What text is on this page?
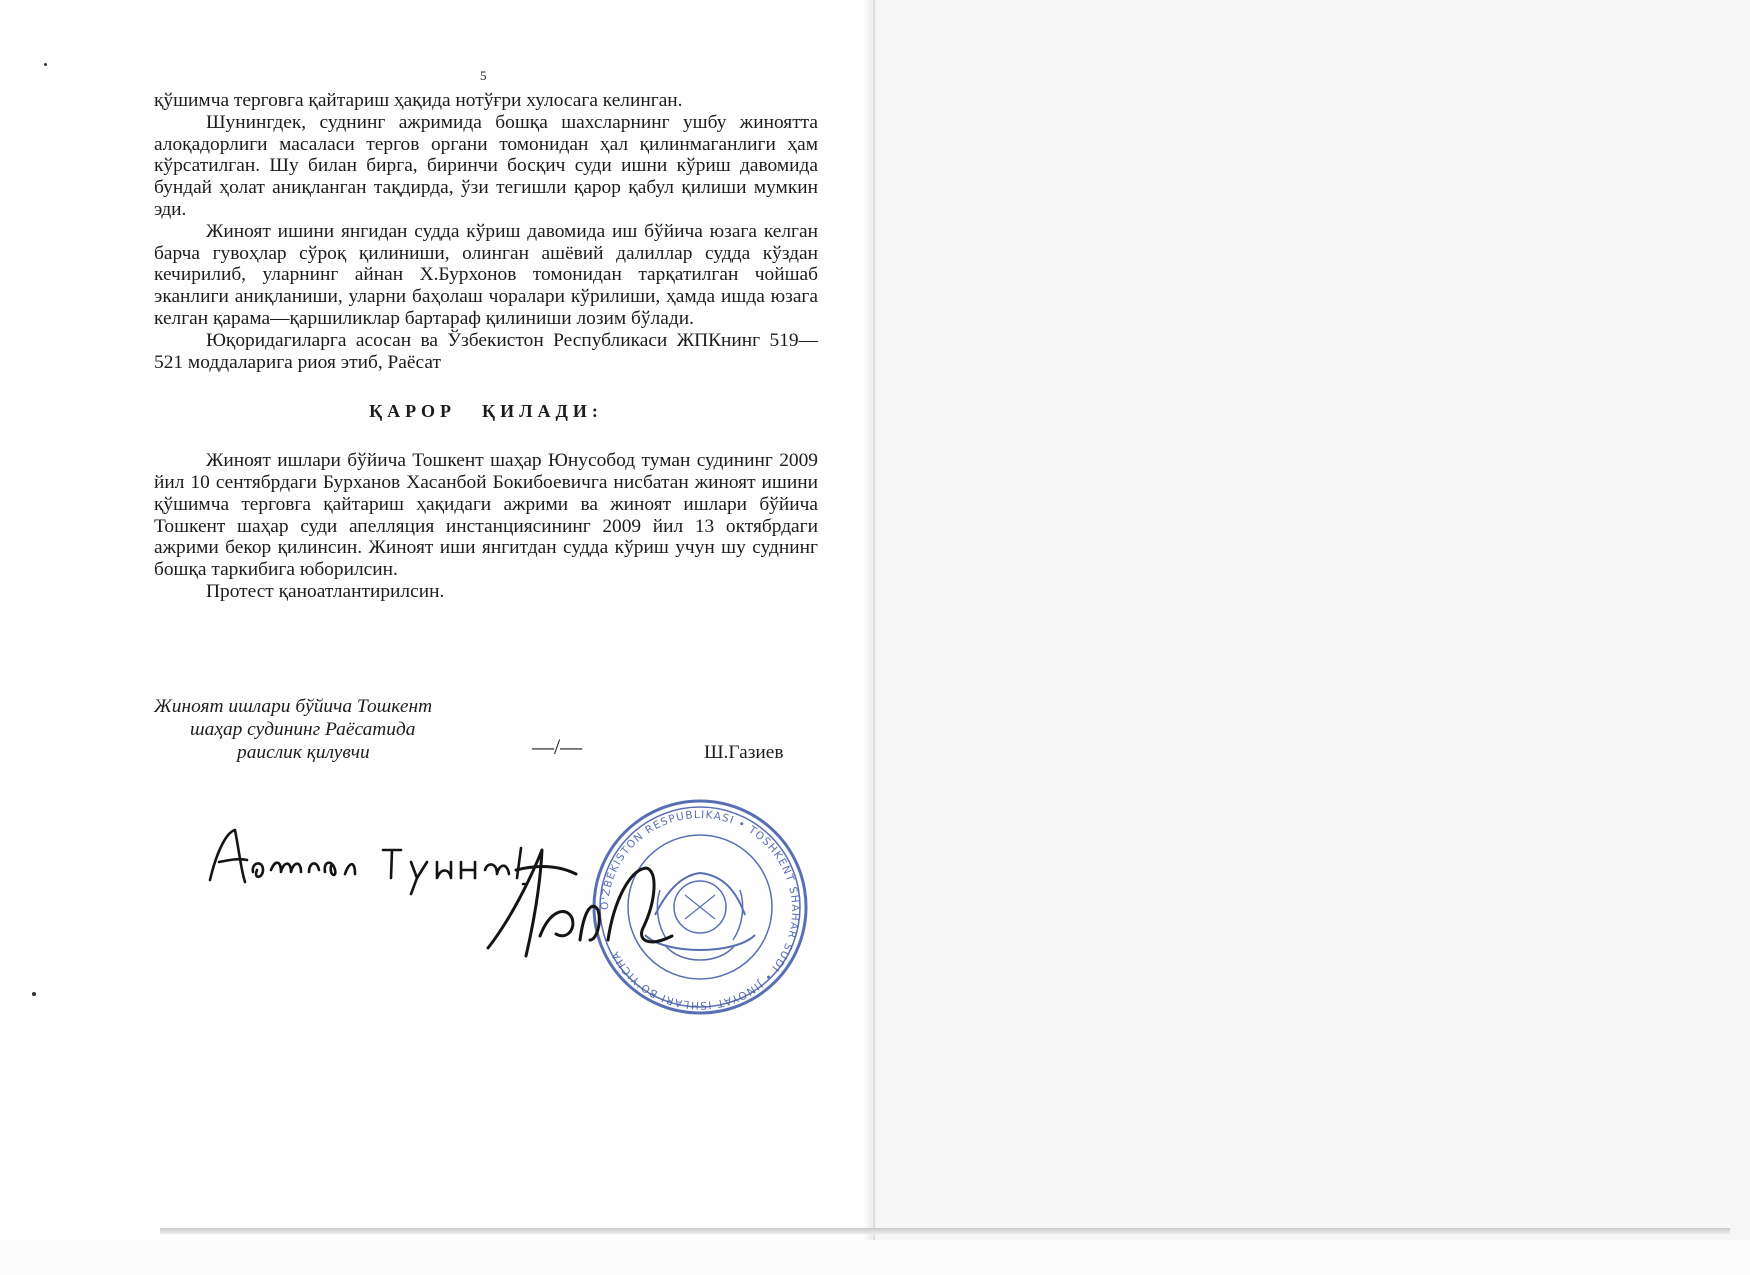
5

қўшимча терговга қайтариш ҳақида нотўғри хулосага келинган.

Шунингдек, суднинг ажримида бошқа шахсларнинг ушбу жиноятта алоқадорлиги масаласи тергов органи томонидан ҳал қилинмаганлиги ҳам кўрсатилган. Шу билан бирга, биринчи босқич суди ишни кўриш давомида бундай ҳолат аниқланган тақдирда, ўзи тегишли қарор қабул қилиши мумкин эди.

Жиноят ишини янгидан судда кўриш давомида иш бўйича юзага келган барча гувоҳлар сўроқ қилиниши, олинган ашёвий далиллар судда кўздан кечирилиб, уларнинг айнан Х.Бурхонов томонидан тарқатилган чойшаб эканлиги аниқланиши, уларни баҳолаш чоралари кўрилиши, ҳамда ишда юзага келган қарама—қаршиликлар бартараф қилиниши лозим бўлади.

Юқоридагиларга асосан ва Ўзбекистон Республикаси ЖПКнинг 519—521 моддаларига риоя этиб, Раёсат

ҚАРОР ҚИЛАДИ:

Жиноят ишлари бўйича Тошкент шаҳар Юнусобод туман судининг 2009 йил 10 сентябрдаги Бурханов Хасанбой Бокибоевичга нисбатан жиноят ишини қўшимча терговга қайтариш ҳақидаги ажрими ва жиноят ишлари бўйича Тошкент шаҳар суди апелляция инстанциясининг 2009 йил 13 октябрдаги ажрими бекор қилинсин. Жиноят иши янгитдан судда кўриш учун шу суднинг бошқа таркибига юборилсин.

Протест қаноатлантирилсин.

Жиноят ишлари бўйича Тошкент
шаҳар судининг Раёсатида
раислик қилувчи	—/—	Ш.Газиев
O'ZBEKISTON RESPUBLIKASI • TOSHKENT SHAHAR SUDI • JINOYAT ISHLARI BO'YICHA
